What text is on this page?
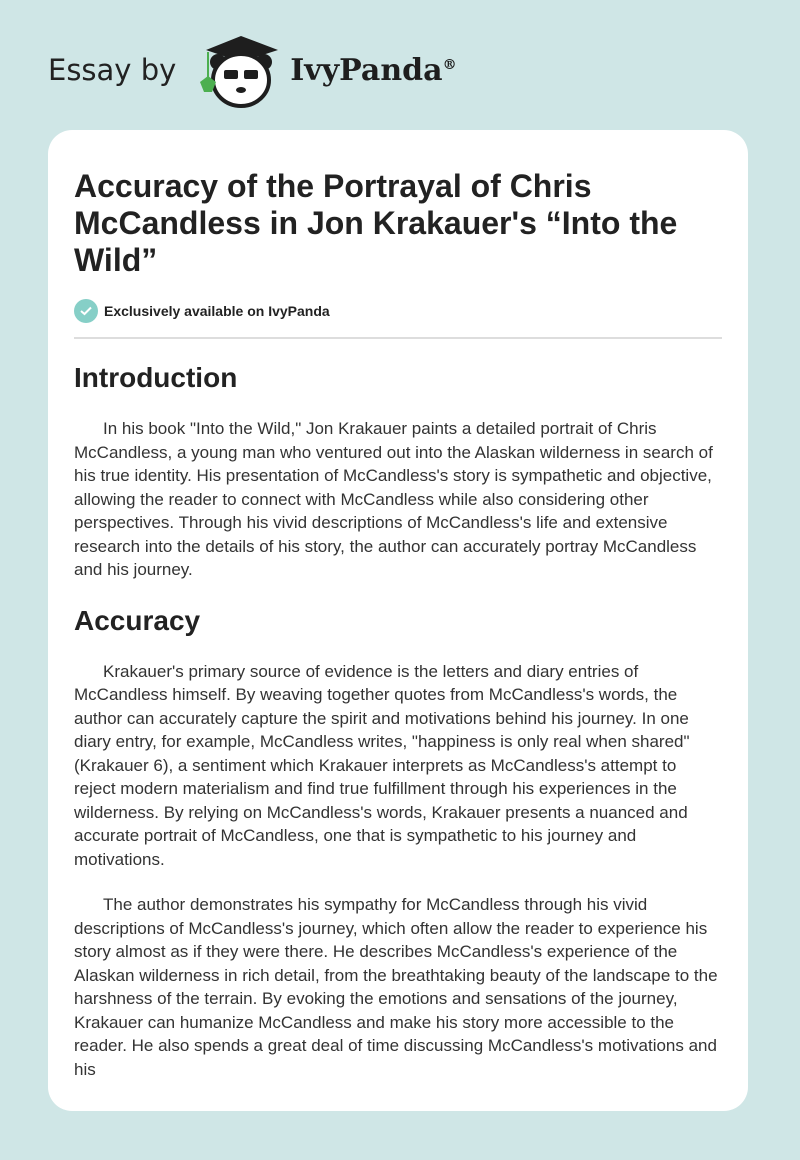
Essay by	IvyPanda®
Accuracy of the Portrayal of Chris McCandless in Jon Krakauer's “Into the Wild”
Exclusively available on IvyPanda
Introduction

In his book "Into the Wild," Jon Krakauer paints a detailed portrait of Chris McCandless, a young man who ventured out into the Alaskan wilderness in search of his true identity. His presentation of McCandless's story is sympathetic and objective, allowing the reader to connect with McCandless while also considering other perspectives. Through his vivid descriptions of McCandless's life and extensive research into the details of his story, the author can accurately portray McCandless and his journey.

Accuracy

Krakauer's primary source of evidence is the letters and diary entries of McCandless himself. By weaving together quotes from McCandless's words, the author can accurately capture the spirit and motivations behind his journey. In one diary entry, for example, McCandless writes, "happiness is only real when shared" (Krakauer 6), a sentiment which Krakauer interprets as McCandless's attempt to reject modern materialism and find true fulfillment through his experiences in the wilderness. By relying on McCandless's words, Krakauer presents a nuanced and accurate portrait of McCandless, one that is sympathetic to his journey and motivations.

The author demonstrates his sympathy for McCandless through his vivid descriptions of McCandless's journey, which often allow the reader to experience his story almost as if they were there. He describes McCandless's experience of the Alaskan wilderness in rich detail, from the breathtaking beauty of the landscape to the harshness of the terrain. By evoking the emotions and sensations of the journey, Krakauer can humanize McCandless and make his story more accessible to the reader. He also spends a great deal of time discussing McCandless's motivations and his
